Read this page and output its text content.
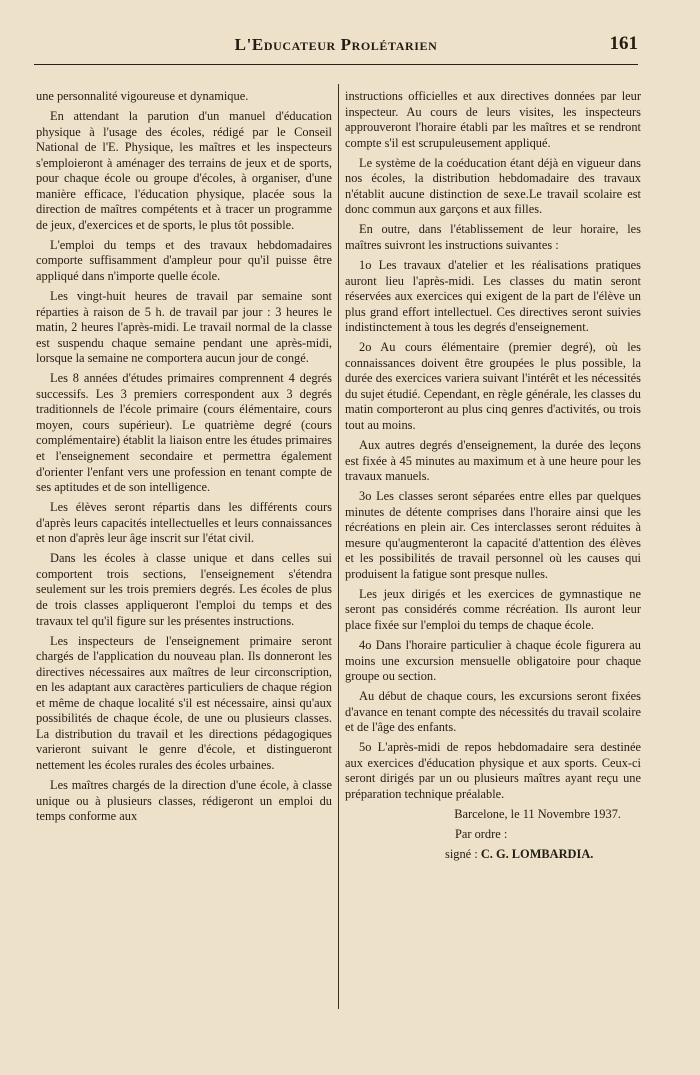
L'Educateur Prolétarien	161

une personnalité vigoureuse et dynamique.

En attendant la parution d'un manuel d'éducation physique à l'usage des écoles, rédigé par le Conseil National de l'E. Physique, les maîtres et les inspecteurs s'emploieront à aménager des terrains de jeux et de sports, pour chaque école ou groupe d'écoles, à organiser, d'une manière efficace, l'éducation physique, placée sous la direction de maîtres compétents et à tracer un programme de jeux, d'exercices et de sports, le plus tôt possible.

L'emploi du temps et des travaux hebdomadaires comporte suffisamment d'ampleur pour qu'il puisse être appliqué dans n'importe quelle école.

Les vingt-huit heures de travail par semaine sont réparties à raison de 5 h. de travail par jour : 3 heures le matin, 2 heures l'après-midi. Le travail normal de la classe est suspendu chaque semaine pendant une après-midi, lorsque la semaine ne comportera aucun jour de congé.

Les 8 années d'études primaires comprennent 4 degrés successifs. Les 3 premiers correspondent aux 3 degrés traditionnels de l'école primaire (cours élémentaire, cours moyen, cours supérieur). Le quatrième degré (cours complémentaire) établit la liaison entre les études primaires et l'enseignement secondaire et permettra également d'orienter l'enfant vers une profession en tenant compte de ses aptitudes et de son intelligence.

Les élèves seront répartis dans les différents cours d'après leurs capacités intellectuelles et leurs connaissances et non d'après leur âge inscrit sur l'état civil.

Dans les écoles à classe unique et dans celles sui comportent trois sections, l'enseignement s'étendra seulement sur les trois premiers degrés. Les écoles de plus de trois classes appliqueront l'emploi du temps et des travaux tel qu'il figure sur les présentes instructions.

Les inspecteurs de l'enseignement primaire seront chargés de l'application du nouveau plan. Ils donneront les directives nécessaires aux maîtres de leur circonscription, en les adaptant aux caractères particuliers de chaque région et même de chaque localité s'il est nécessaire, ainsi qu'aux possibilités de chaque école, de une ou plusieurs classes. La distribution du travail et les directions pédagogiques varieront suivant le genre d'école, et distingueront nettement les écoles rurales des écoles urbaines.

Les maîtres chargés de la direction d'une école, à classe unique ou à plusieurs classes, rédigeront un emploi du temps conforme aux

instructions officielles et aux directives données par leur inspecteur. Au cours de leurs visites, les inspecteurs approuveront l'horaire établi par les maîtres et se rendront compte s'il est scrupuleusement appliqué.

Le système de la coéducation étant déjà en vigueur dans nos écoles, la distribution hebdomadaire des travaux n'établit aucune distinction de sexe.Le travail scolaire est donc commun aux garçons et aux filles.

En outre, dans l'établissement de leur horaire, les maîtres suivront les instructions suivantes :

1o Les travaux d'atelier et les réalisations pratiques auront lieu l'après-midi. Les classes du matin seront réservées aux exercices qui exigent de la part de l'élève un plus grand effort intellectuel. Ces directives seront suivies indistinctement à tous les degrés d'enseignement.

2o Au cours élémentaire (premier degré), où les connaissances doivent être groupées le plus possible, la durée des exercices variera suivant l'intérêt et les nécessités du sujet étudié. Cependant, en règle générale, les classes du matin comporteront au plus cinq genres d'activités, ou trois tout au moins.

Aux autres degrés d'enseignement, la durée des leçons est fixée à 45 minutes au maximum et à une heure pour les travaux manuels.

3o Les classes seront séparées entre elles par quelques minutes de détente comprises dans l'horaire ainsi que les récréations en plein air. Ces interclasses seront réduites à mesure qu'augmenteront la capacité d'attention des élèves et les possibilités de travail personnel où les causes qui produisent la fatigue sont presque nulles.

Les jeux dirigés et les exercices de gymnastique ne seront pas considérés comme récréation. Ils auront leur place fixée sur l'emploi du temps de chaque école.

4o Dans l'horaire particulier à chaque école figurera au moins une excursion mensuelle obligatoire pour chaque groupe ou section.

Au début de chaque cours, les excursions seront fixées d'avance en tenant compte des nécessités du travail scolaire et de l'âge des enfants.

5o L'après-midi de repos hebdomadaire sera destinée aux exercices d'éducation physique et aux sports. Ceux-ci seront dirigés par un ou plusieurs maîtres ayant reçu une préparation technique préalable.

Barcelone, le 11 Novembre 1937.

Par ordre :

signé : C. G. LOMBARDIA.
